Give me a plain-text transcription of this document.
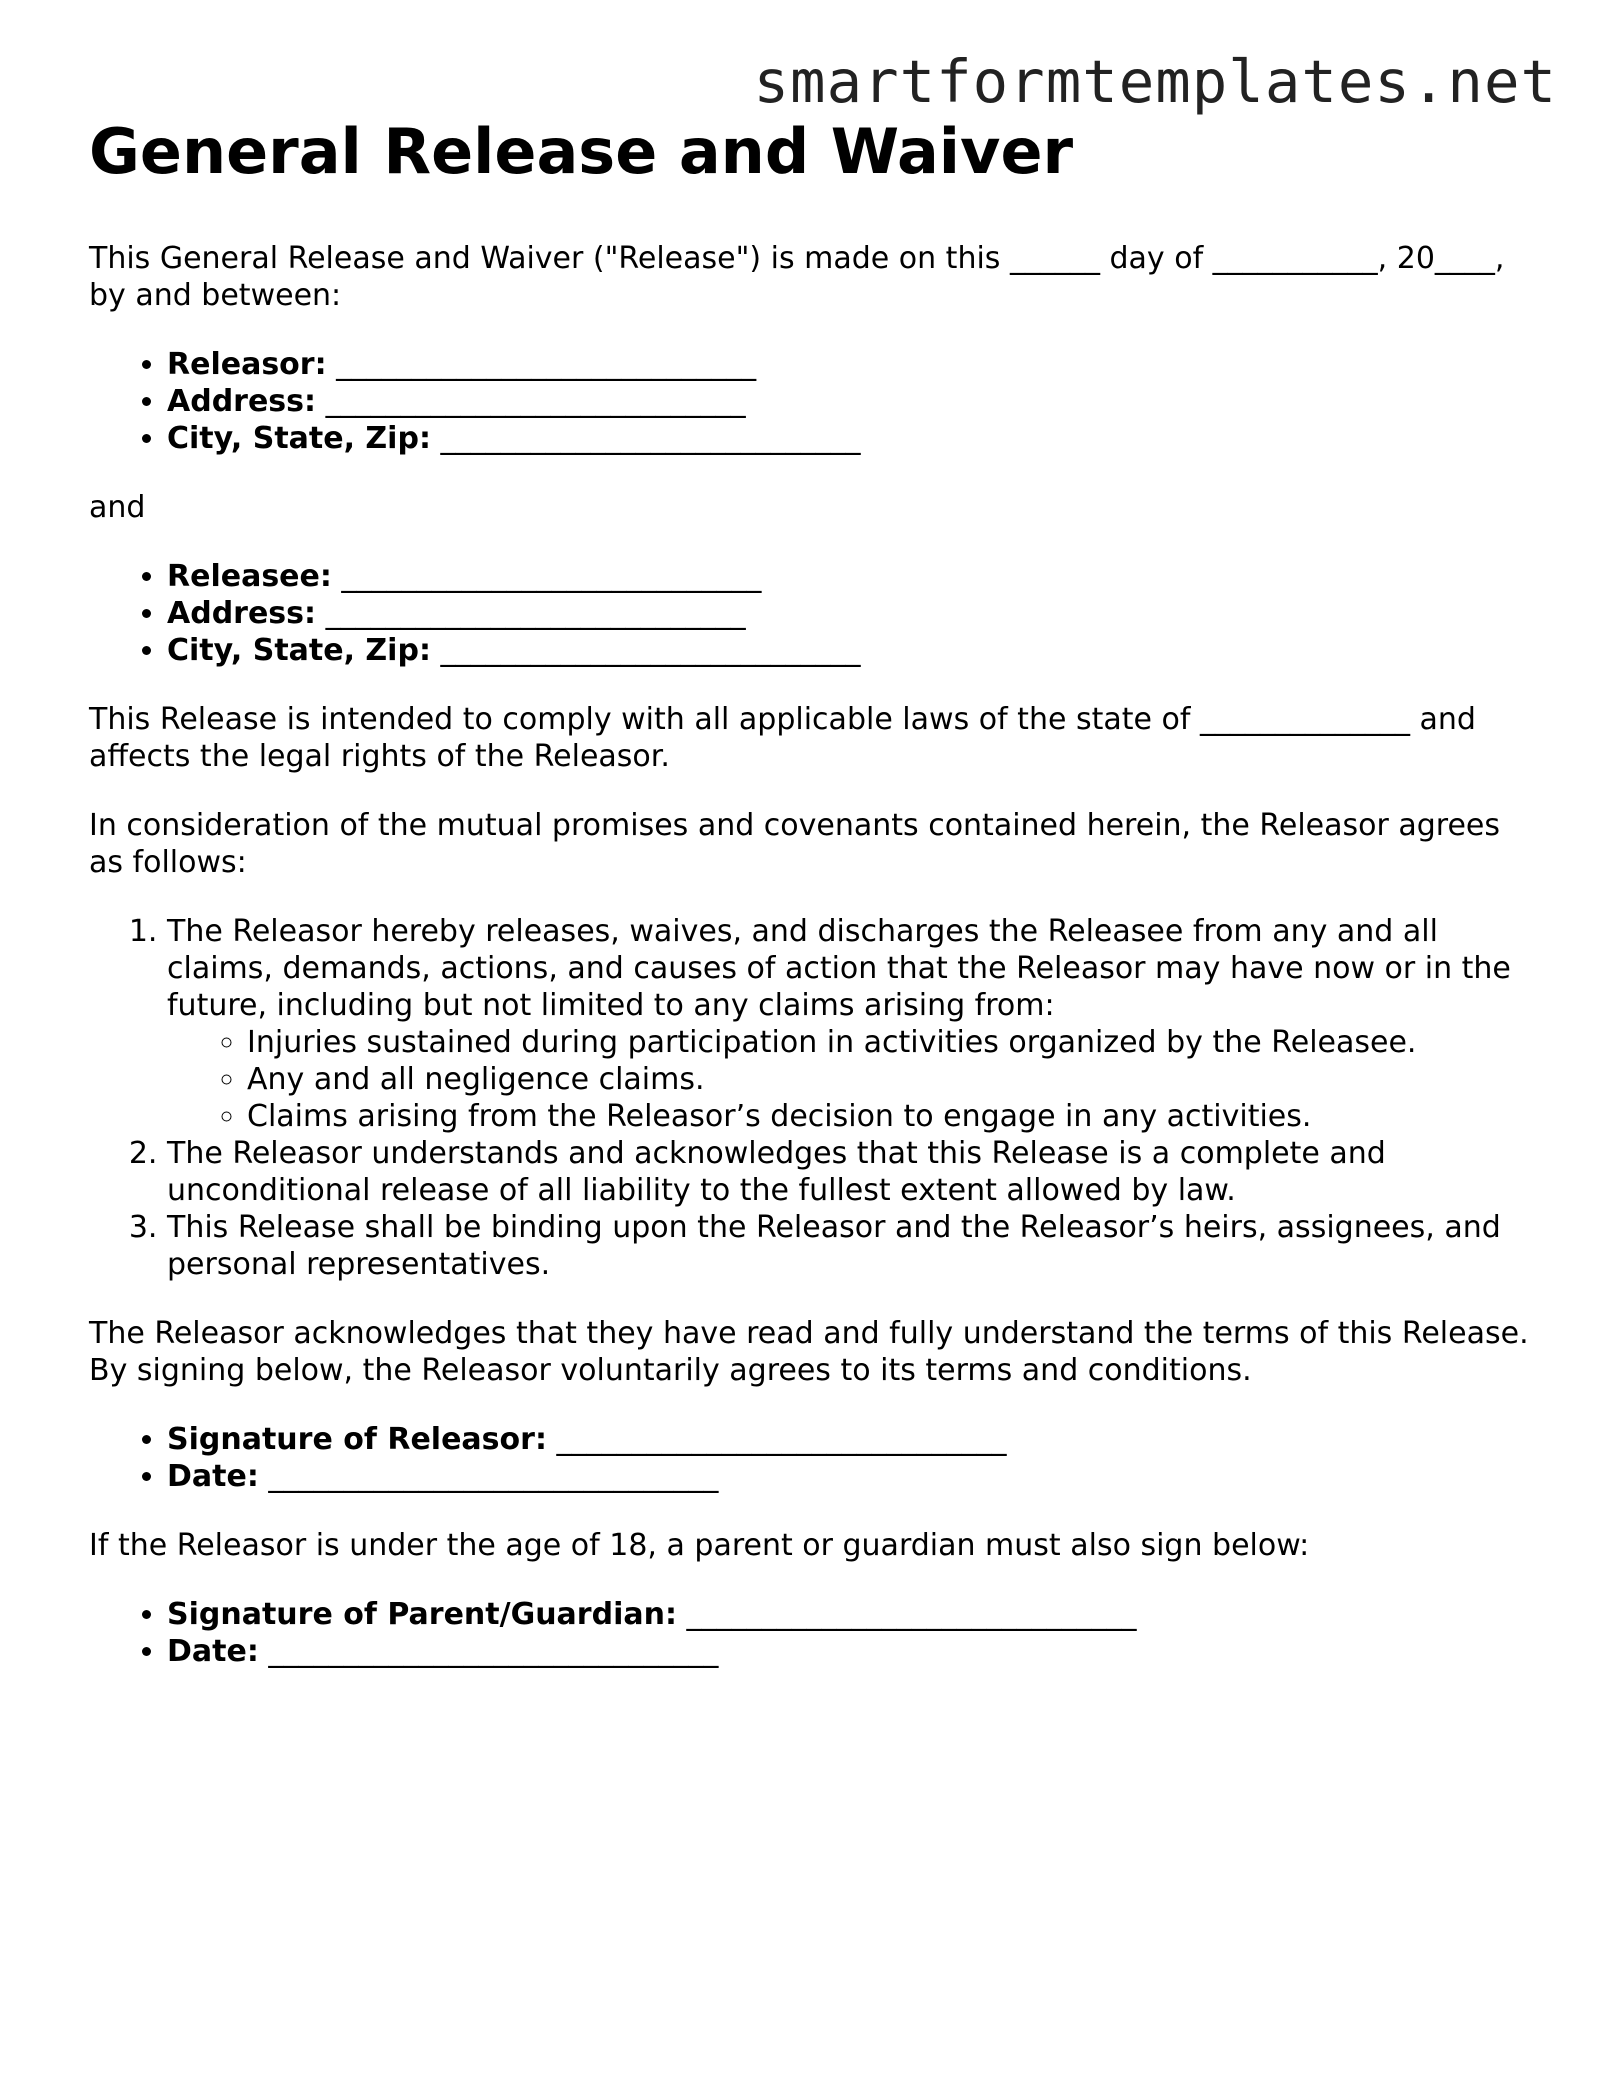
smartformtemplates.net
General Release and Waiver

This General Release and Waiver ("Release") is made on this ______ day of ___________, 20____, by and between:

• Releasor: ____________________________
• Address: ____________________________
• City, State, Zip: ____________________________

and

• Releasee: ____________________________
• Address: ____________________________
• City, State, Zip: ____________________________

This Release is intended to comply with all applicable laws of the state of ______________ and affects the legal rights of the Releasor.

In consideration of the mutual promises and covenants contained herein, the Releasor agrees as follows:

1. The Releasor hereby releases, waives, and discharges the Releasee from any and all claims, demands, actions, and causes of action that the Releasor may have now or in the future, including but not limited to any claims arising from:
◦ Injuries sustained during participation in activities organized by the Releasee.
◦ Any and all negligence claims.
◦ Claims arising from the Releasor’s decision to engage in any activities.
2. The Releasor understands and acknowledges that this Release is a complete and unconditional release of all liability to the fullest extent allowed by law.
3. This Release shall be binding upon the Releasor and the Releasor’s heirs, assignees, and personal representatives.

The Releasor acknowledges that they have read and fully understand the terms of this Release. By signing below, the Releasor voluntarily agrees to its terms and conditions.

• Signature of Releasor: ______________________________
• Date: ______________________________

If the Releasor is under the age of 18, a parent or guardian must also sign below:

• Signature of Parent/Guardian: ______________________________
• Date: ______________________________
